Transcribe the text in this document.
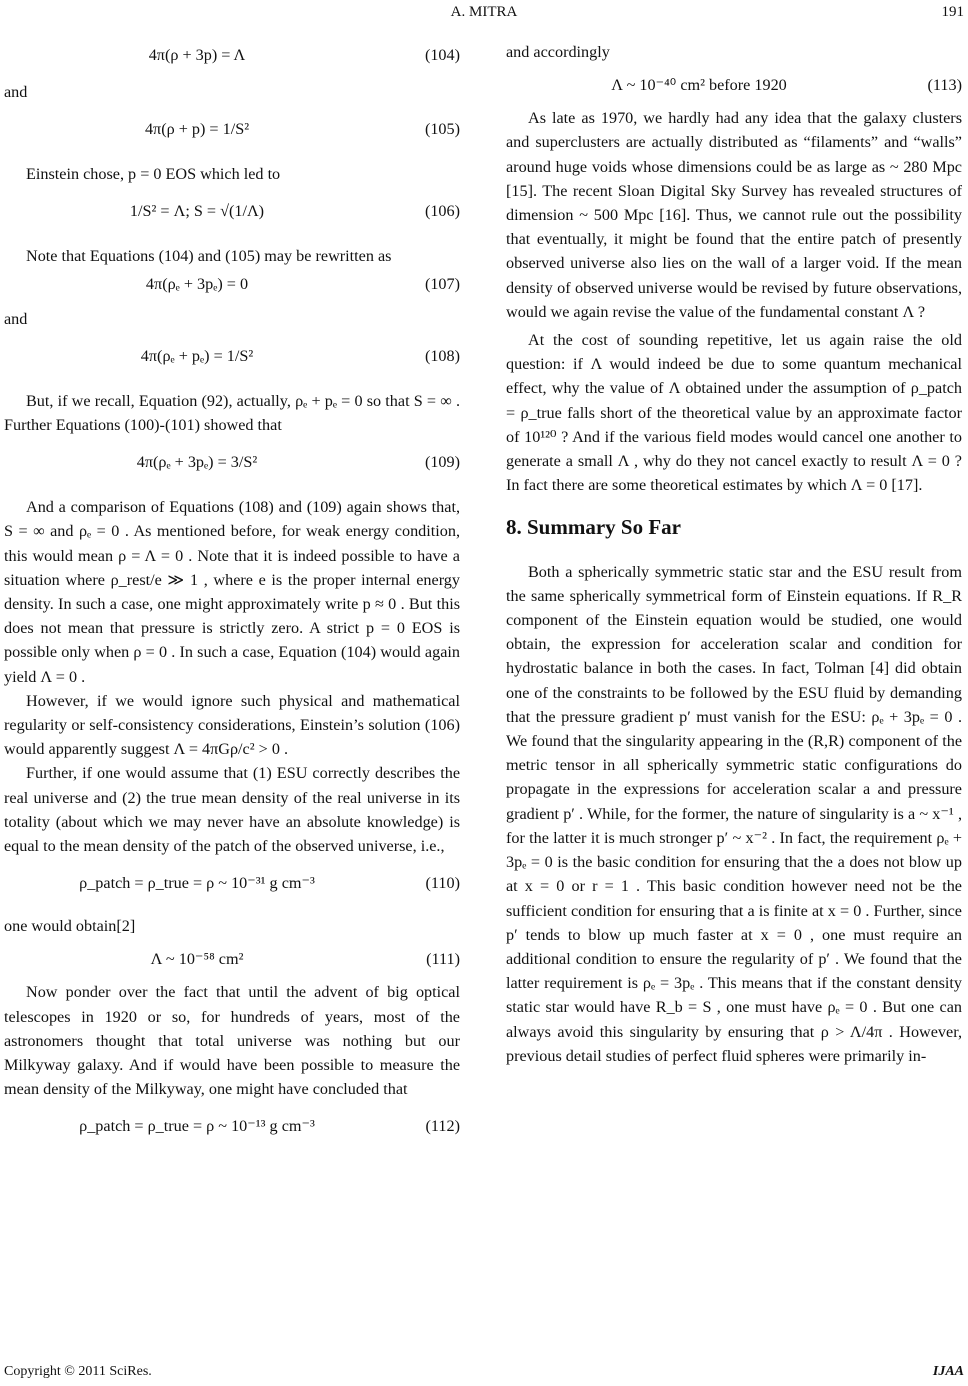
A. MITRA	191
4π(ρ + 3p) = Λ	(104)

and

4π(ρ + p) = 1/S²	(105)

Einstein chose, p = 0 EOS which led to

1/S² = Λ; S = √(1/Λ)	(106)

Note that Equations (104) and (105) may be rewritten as

4π(ρₑ + 3pₑ) = 0	(107)

and

4π(ρₑ + pₑ) = 1/S²	(108)

But, if we recall, Equation (92), actually, ρₑ + pₑ = 0 so that S = ∞ . Further Equations (100)-(101) showed that

4π(ρₑ + 3pₑ) = 3/S²	(109)

And a comparison of Equations (108) and (109) again shows that, S = ∞ and ρₑ = 0 . As mentioned before, for weak energy condition, this would mean ρ = Λ = 0 . Note that it is indeed possible to have a situation where ρ_rest/e ≫ 1 , where e is the proper internal energy density. In such a case, one might approximately write p ≈ 0 . But this does not mean that pressure is strictly zero. A strict p = 0 EOS is possible only when ρ = 0 . In such a case, Equation (104) would again yield Λ = 0 .

However, if we would ignore such physical and mathematical regularity or self-consistency considerations, Einstein’s solution (106) would apparently suggest Λ = 4πGρ/c² > 0 .

Further, if one would assume that (1) ESU correctly describes the real universe and (2) the true mean density of the real universe in its totality (about which we may never have an absolute knowledge) is equal to the mean density of the patch of the observed universe, i.e.,

ρ_patch = ρ_true = ρ ~ 10⁻³¹ g cm⁻³	(110)

one would obtain[2]

Λ ~ 10⁻⁵⁸ cm²	(111)

Now ponder over the fact that until the advent of big optical telescopes in 1920 or so, for hundreds of years, most of the astronomers thought that total universe was nothing but our Milkyway galaxy. And if would have been possible to measure the mean density of the Milkyway, one might have concluded that

ρ_patch = ρ_true = ρ ~ 10⁻¹³ g cm⁻³	(112)

and accordingly

Λ ~ 10⁻⁴⁰ cm² before 1920	(113)

As late as 1970, we hardly had any idea that the galaxy clusters and superclusters are actually distributed as “filaments” and “walls” around huge voids whose dimensions could be as large as ~ 280 Mpc [15]. The recent Sloan Digital Sky Survey has revealed structures of dimension ~ 500 Mpc [16]. Thus, we cannot rule out the possibility that eventually, it might be found that the entire patch of presently observed universe also lies on the wall of a larger void. If the mean density of observed universe would be revised by future observations, would we again revise the value of the fundamental constant Λ ?

At the cost of sounding repetitive, let us again raise the old question: if Λ would indeed be due to some quantum mechanical effect, why the value of Λ obtained under the assumption of ρ_patch = ρ_true falls short of the theoretical value by an approximate factor of 10¹²⁰ ? And if the various field modes would cancel one another to generate a small Λ , why do they not cancel exactly to result Λ = 0 ? In fact there are some theoretical estimates by which Λ = 0 [17].

8. Summary So Far

Both a spherically symmetric static star and the ESU result from the same spherically symmetrical form of Einstein equations. If R_R component of the Einstein equation would be studied, one would obtain, the expression for acceleration scalar and condition for hydrostatic balance in both the cases. In fact, Tolman [4] did obtain one of the constraints to be followed by the ESU fluid by demanding that the pressure gradient p′ must vanish for the ESU: ρₑ + 3pₑ = 0 . We found that the singularity appearing in the (R,R) component of the metric tensor in all spherically symmetric static configurations do propagate in the expressions for acceleration scalar a and pressure gradient p′ . While, for the former, the nature of singularity is a ~ x⁻¹ , for the latter it is much stronger p′ ~ x⁻² . In fact, the requirement ρₑ + 3pₑ = 0 is the basic condition for ensuring that the a does not blow up at x = 0 or r = 1 . This basic condition however need not be the sufficient condition for ensuring that a is finite at x = 0 . Further, since p′ tends to blow up much faster at x = 0 , one must require an additional condition to ensure the regularity of p′ . We found that the latter requirement is ρₑ = 3pₑ . This means that if the constant density static star would have R_b = S , one must have ρₑ = 0 . But one can always avoid this singularity by ensuring that ρ > Λ/4π . However, previous detail studies of perfect fluid spheres were primarily in-

Copyright © 2011 SciRes.	IJAA
